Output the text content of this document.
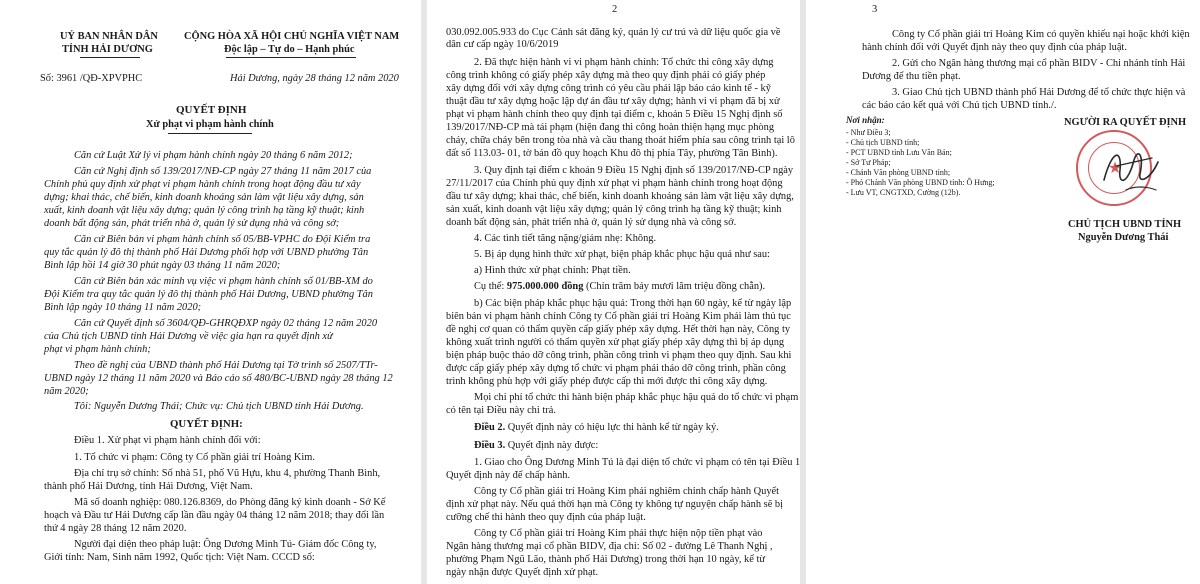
UỶ BAN NHÂN DÂN
TỈNH HẢI DƯƠNG
CỘNG HÒA XÃ HỘI CHỦ NGHĨA VIỆT NAM
Độc lập – Tự do – Hạnh phúc
Số: 3961 /QĐ-XPVPHC	Hải Dương, ngày 28 tháng 12 năm 2020
QUYẾT ĐỊNH
Xử phạt vi phạm hành chính
Căn cứ Luật Xử lý vi phạm hành chính ngày 20 tháng 6 năm 2012;
Căn cứ Nghị định số 139/2017/NĐ-CP ngày 27 tháng 11 năm 2017 của
Chính phủ quy định xử phạt vi phạm hành chính trong hoạt động đầu tư xây
dựng; khai thác, chế biến, kinh doanh khoáng sản làm vật liệu xây dựng, sản
xuất, kinh doanh vật liệu xây dựng; quản lý công trình hạ tầng kỹ thuật; kinh
doanh bất động sản, phát triển nhà ở, quản lý sử dụng nhà và công sở;
Căn cứ Biên bản vi phạm hành chính số 05/BB-VPHC do Đội Kiểm tra
quy tắc quản lý đô thị thành phố Hải Dương phối hợp với UBND phường Tân
Bình lập hồi 14 giờ 30 phút ngày 03 tháng 11 năm 2020;
Căn cứ Biên bản xác minh vụ việc vi phạm hành chính số 01/BB-XM do
Đội Kiểm tra quy tắc quản lý đô thị thành phố Hải Dương, UBND phường Tân
Bình lập ngày 10 tháng 11 năm 2020;
Căn cứ Quyết định số 3604/QĐ-GHRQĐXP ngày 02 tháng 12 năm 2020
của Chủ tịch UBND tỉnh Hải Dương về việc gia hạn ra quyết định xử
phạt vi phạm hành chính;
Theo đề nghị của UBND thành phố Hải Dương tại Tờ trình số 2507/TTr-
UBND ngày 12 tháng 11 năm 2020 và Báo cáo số 480/BC-UBND ngày 28 tháng 12
năm 2020;
Tôi: Nguyễn Dương Thái; Chức vụ: Chủ tịch UBND tỉnh Hải Dương.
QUYẾT ĐỊNH:
Điều 1. Xử phạt vi phạm hành chính đối với:
1. Tổ chức vi phạm: Công ty Cổ phần giải trí Hoàng Kim.
Địa chỉ trụ sở chính: Số nhà 51, phố Vũ Hựu, khu 4, phường Thanh Bình,
thành phố Hải Dương, tỉnh Hải Dương, Việt Nam.
Mã số doanh nghiệp: 080.126.8369, do Phòng đăng ký kinh doanh - Sở Kế
hoạch và Đầu tư Hải Dương cấp lần đầu ngày 04 tháng 12 năm 2018; thay đổi lần
thứ 4 ngày 28 tháng 12 năm 2020.
Người đại diện theo pháp luật: Ông Dương Minh Tú- Giám đốc Công ty,
Giới tính: Nam, Sinh năm 1992, Quốc tịch: Việt Nam. CCCD số:
2
030.092.005.933 do Cục Cảnh sát đăng ký, quản lý cư trú và dữ liệu quốc gia về
dân cư cấp ngày 10/6/2019
2. Đã thực hiện hành vi vi phạm hành chính: Tổ chức thi công xây dựng
công trình không có giấy phép xây dựng mà theo quy định phải có giấy phép
xây dựng đối với xây dựng công trình có yêu cầu phải lập báo cáo kinh tế - kỹ
thuật đầu tư xây dựng hoặc lập dự án đầu tư xây dựng; hành vi vi phạm đã bị xử
phạt vi phạm hành chính theo quy định tại điểm c, khoản 5 Điều 15 Nghị định số
139/2017/NĐ-CP mà tái phạm (hiện đang thi công hoàn thiện hạng mục phòng
cháy, chữa cháy bên trong tòa nhà và cầu thang thoát hiểm phía sau công trình tại lô
đất số 113.03- 01, tờ bản đồ quy hoạch Khu đô thị phía Tây, phường Tân Bình).
3. Quy định tại điểm c khoản 9 Điều 15 Nghị định số 139/2017/NĐ-CP ngày
27/11/2017 của Chính phủ quy định xử phạt vi phạm hành chính trong hoạt động
đầu tư xây dựng; khai thác, chế biến, kinh doanh khoáng sản làm vật liệu xây dựng,
sản xuất, kinh doanh vật liệu xây dựng; quản lý công trình hạ tầng kỹ thuật; kinh
doanh bất động sản, phát triển nhà ở, quản lý sử dụng nhà và công sở.
4. Các tình tiết tăng nặng/giảm nhẹ: Không.
5. Bị áp dụng hình thức xử phạt, biện pháp khắc phục hậu quả như sau:
a) Hình thức xử phạt chính: Phạt tiền.
Cụ thể: 975.000.000 đồng (Chín trăm bảy mươi lăm triệu đồng chẵn).
b) Các biện pháp khắc phục hậu quả: Trong thời hạn 60 ngày, kể từ ngày lập
biên bản vi phạm hành chính Công ty Cổ phần giải trí Hoàng Kim phải làm thủ tục
đề nghị cơ quan có thẩm quyền cấp giấy phép xây dựng. Hết thời hạn này, Công ty
không xuất trình người có thẩm quyền xử phạt giấy phép xây dựng thì bị áp dụng
biện pháp buộc tháo dỡ công trình, phần công trình vi phạm theo quy định. Sau khi
được cấp giấy phép xây dựng tổ chức vi phạm phải tháo dỡ công trình, phần công
trình không phù hợp với giấy phép được cấp thì mới được thi công xây dựng.
Mọi chi phí tổ chức thi hành biện pháp khắc phục hậu quả do tổ chức vi phạm
có tên tại Điều này chi trả.
Điều 2. Quyết định này có hiệu lực thi hành kể từ ngày ký.
Điều 3. Quyết định này được:
1. Giao cho Ông Dương Minh Tú là đại diện tổ chức vi phạm có tên tại Điều 1
Quyết định này để chấp hành.
Công ty Cổ phần giải trí Hoàng Kim phải nghiêm chỉnh chấp hành Quyết
định xử phạt này. Nếu quá thời hạn mà Công ty không tự nguyện chấp hành sẽ bị
cưỡng chế thi hành theo quy định của pháp luật.
Công ty Cổ phần giải trí Hoàng Kim phải thực hiện nộp tiền phạt vào
Ngân hàng thương mại cổ phần BIDV, địa chỉ: Số 02 - đường Lê Thanh Nghị ,
phường Phạm Ngũ Lão, thành phố Hải Dương) trong thời hạn 10 ngày, kể từ
ngày nhận được Quyết định xử phạt.
3
Công ty Cổ phần giải trí Hoàng Kim có quyền khiếu nại hoặc khởi kiện
hành chính đối với Quyết định này theo quy định của pháp luật.
2. Gửi cho Ngân hàng thương mại cổ phần BIDV - Chi nhánh tỉnh Hải
Dương để thu tiền phạt.
3. Giao Chủ tịch UBND thành phố Hải Dương để tổ chức thực hiện và
các báo cáo kết quả với Chủ tịch UBND tỉnh./.
Nơi nhận:
- Như Điều 3;
- Chủ tịch UBND tỉnh;
- PCT UBND tỉnh Lưu Văn Bản;
- Sở Tư Pháp;
- Chánh Văn phòng UBND tỉnh;
- Phó Chánh Văn phòng UBND tỉnh: Ô Hưng;
- Lưu VT, CNGTXD, Cường (12b).
NGƯỜI RA QUYẾT ĐỊNH
★
CHỦ TỊCH UBND TỈNH
Nguyễn Dương Thái
